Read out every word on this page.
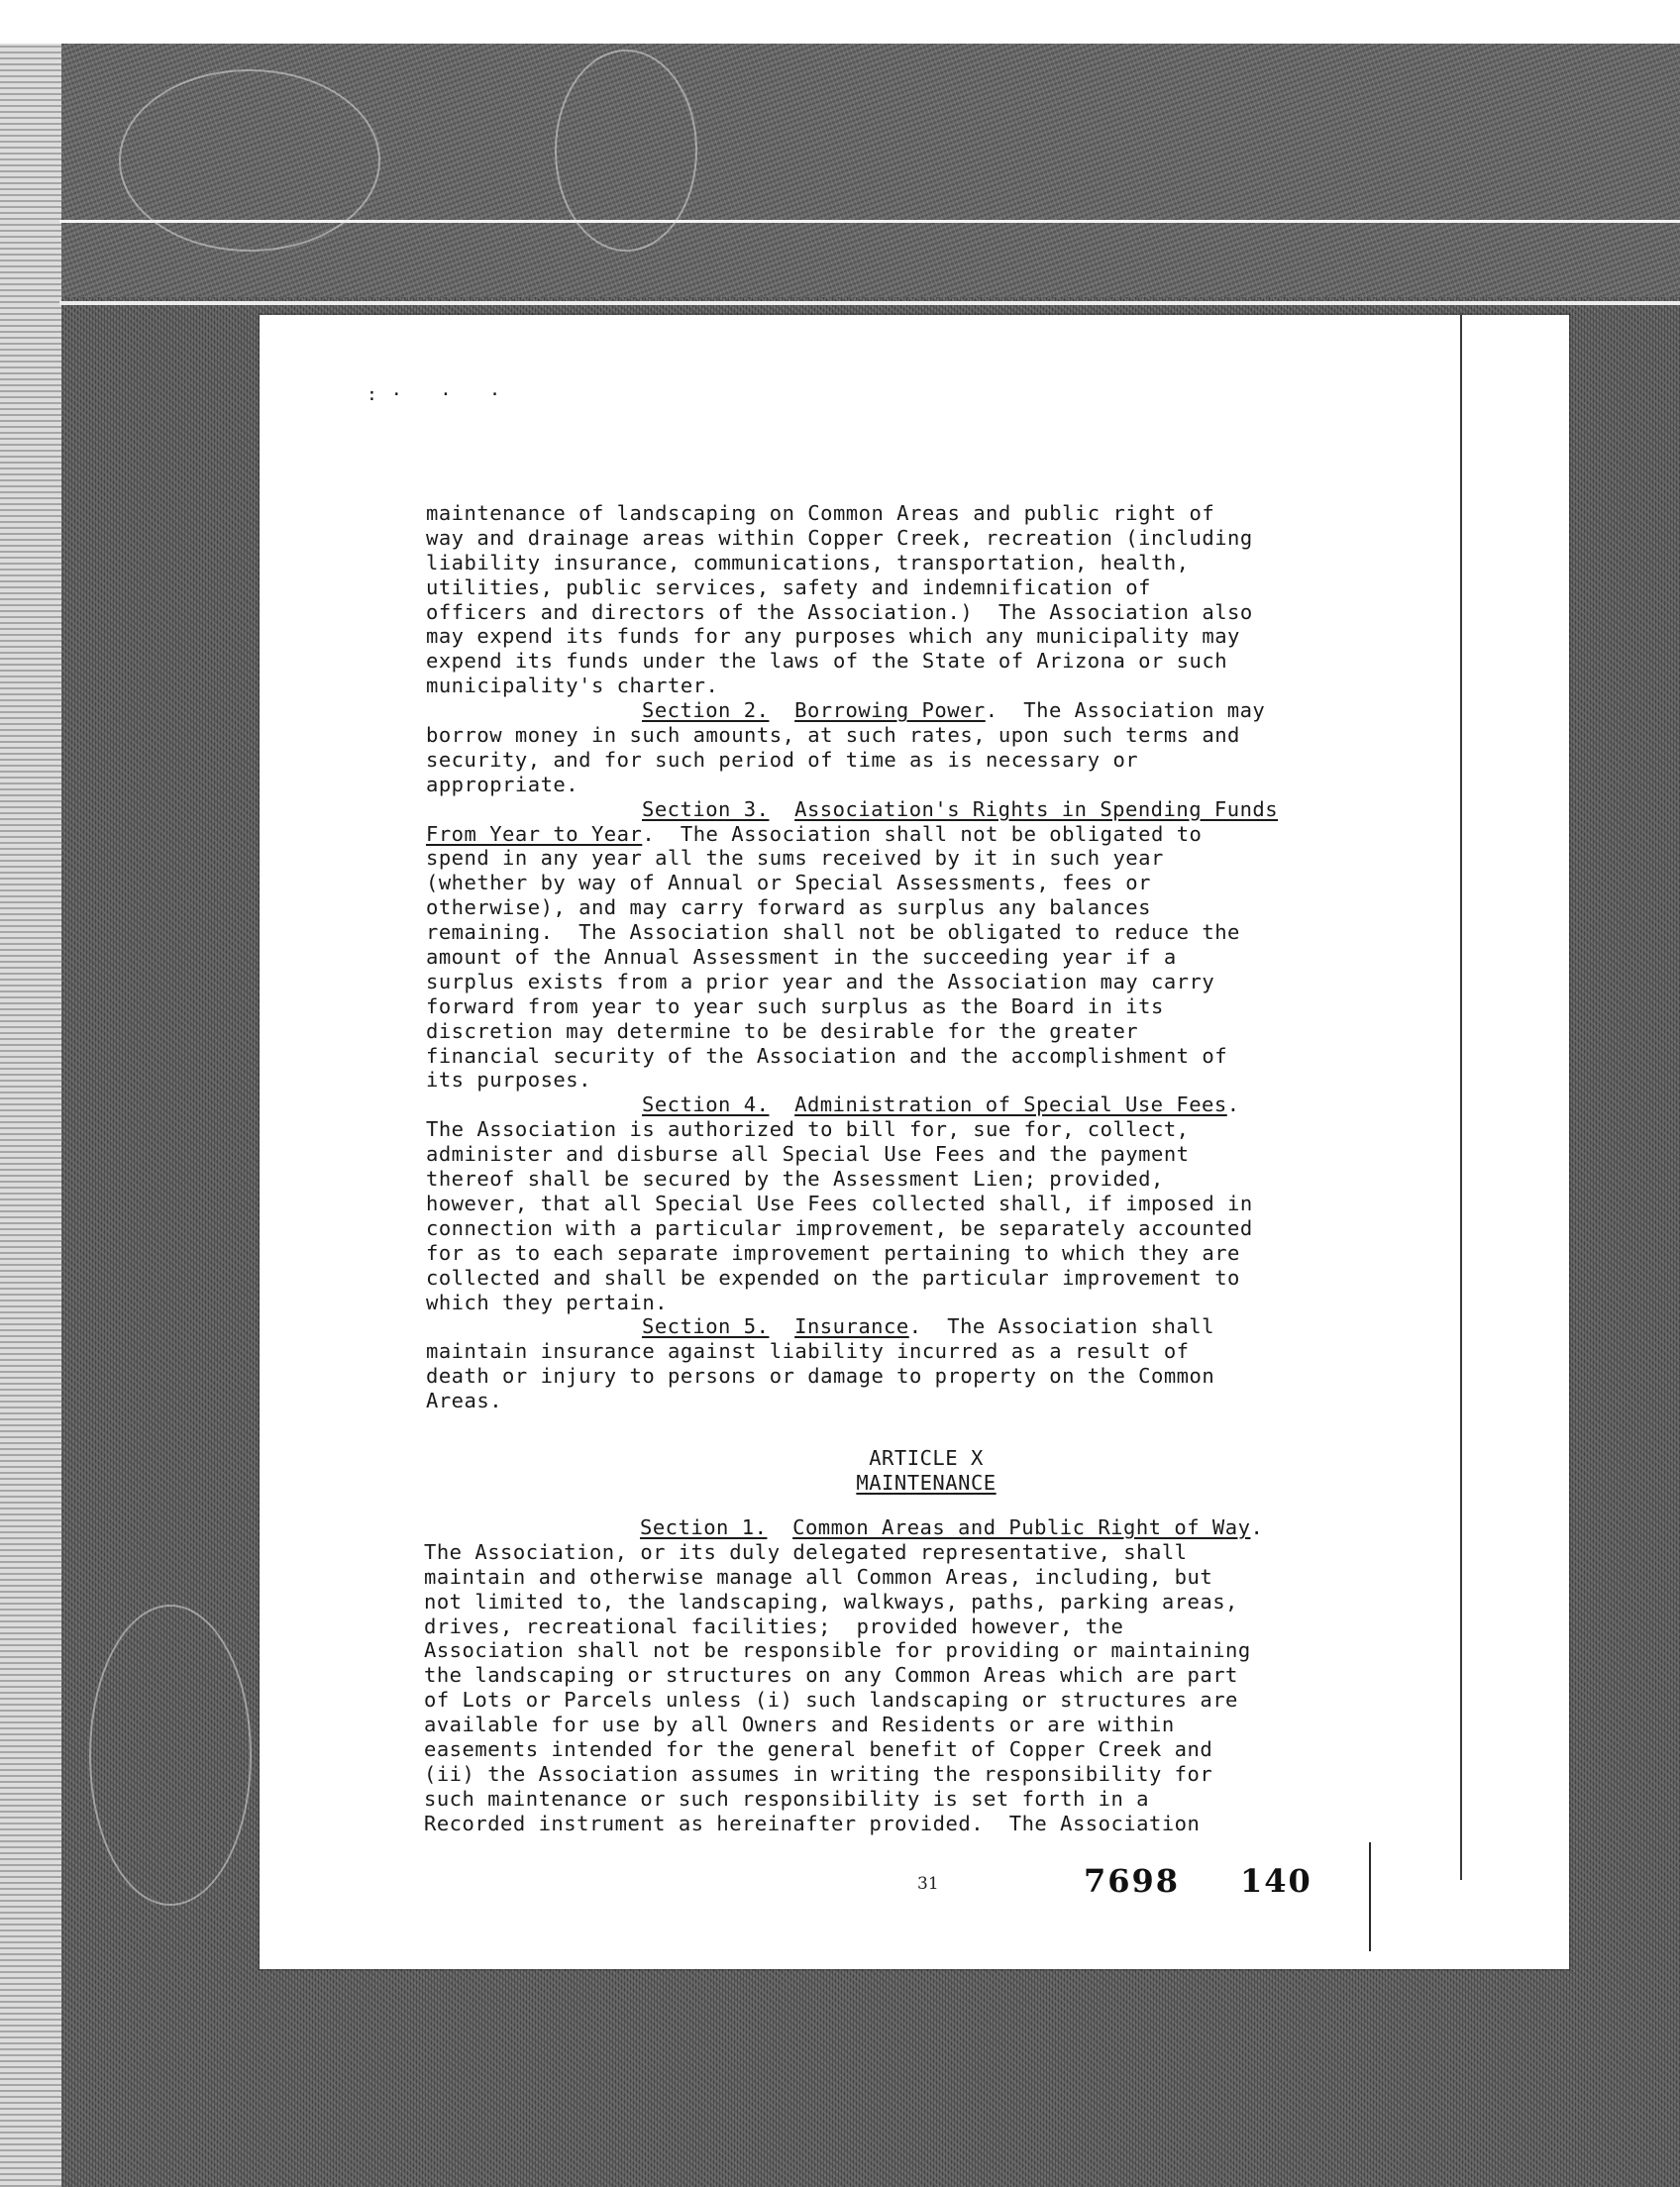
:· · ·
maintenance of landscaping on Common Areas and public right of
way and drainage areas within Copper Creek, recreation (including
liability insurance, communications, transportation, health,
utilities, public services, safety and indemnification of
officers and directors of the Association.)  The Association also
may expend its funds for any purposes which any municipality may
expend its funds under the laws of the State of Arizona or such
municipality's charter.
Section 2. Borrowing Power.  The Association may
borrow money in such amounts, at such rates, upon such terms and
security, and for such period of time as is necessary or
appropriate.
Section 3. Association's Rights in Spending Funds
From Year to Year.  The Association shall not be obligated to
spend in any year all the sums received by it in such year
(whether by way of Annual or Special Assessments, fees or
otherwise), and may carry forward as surplus any balances
remaining.  The Association shall not be obligated to reduce the
amount of the Annual Assessment in the succeeding year if a
surplus exists from a prior year and the Association may carry
forward from year to year such surplus as the Board in its
discretion may determine to be desirable for the greater
financial security of the Association and the accomplishment of
its purposes.
Section 4. Administration of Special Use Fees.
The Association is authorized to bill for, sue for, collect,
administer and disburse all Special Use Fees and the payment
thereof shall be secured by the Assessment Lien; provided,
however, that all Special Use Fees collected shall, if imposed in
connection with a particular improvement, be separately accounted
for as to each separate improvement pertaining to which they are
collected and shall be expended on the particular improvement to
which they pertain.
Section 5. Insurance.  The Association shall
maintain insurance against liability incurred as a result of
death or injury to persons or damage to property on the Common
Areas.
ARTICLE X
MAINTENANCE
Section 1. Common Areas and Public Right of Way.
The Association, or its duly delegated representative, shall
maintain and otherwise manage all Common Areas, including, but
not limited to, the landscaping, walkways, paths, parking areas,
drives, recreational facilities;  provided however, the
Association shall not be responsible for providing or maintaining
the landscaping or structures on any Common Areas which are part
of Lots or Parcels unless (i) such landscaping or structures are
available for use by all Owners and Residents or are within
easements intended for the general benefit of Copper Creek and
(ii) the Association assumes in writing the responsibility for
such maintenance or such responsibility is set forth in a
Recorded instrument as hereinafter provided.  The Association
31	7698 140
